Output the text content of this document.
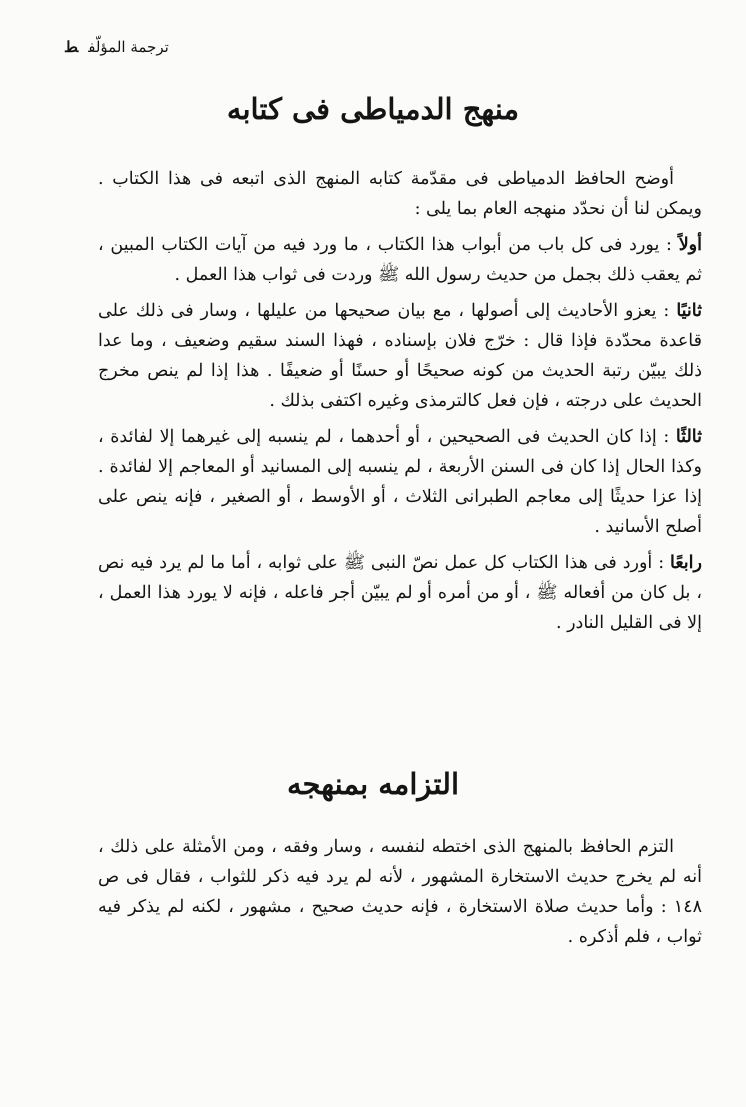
ترجمة المؤلّفط
منهج الدمياطى فى كتابه

أوضح الحافظ الدمياطى فى مقدّمة كتابه المنهج الذى اتبعه فى هذا الكتاب . ويمكن لنا أن نحدّد منهجه العام بما يلى :

أولاً : يورد فى كل باب من أبواب هذا الكتاب ، ما ورد فيه من آيات الكتاب المبين ، ثم يعقب ذلك بجمل من حديث رسول الله ﷺ وردت فى ثواب هذا العمل .

ثانيًا : يعزو الأحاديث إلى أصولها ، مع بيان صحيحها من عليلها ، وسار فى ذلك على قاعدة محدّدة فإذا قال : خرّج فلان بإسناده ، فهذا السند سقيم وضعيف ، وما عدا ذلك يبيّن رتبة الحديث من كونه صحيحًا أو حسنًا أو ضعيفًا . هذا إذا لم ينص مخرج الحديث على درجته ، فإن فعل كالترمذى وغيره اكتفى بذلك .

ثالثًا : إذا كان الحديث فى الصحيحين ، أو أحدهما ، لم ينسبه إلى غيرهما إلا لفائدة ، وكذا الحال إذا كان فى السنن الأربعة ، لم ينسبه إلى المسانيد أو المعاجم إلا لفائدة . إذا عزا حديثًا إلى معاجم الطبرانى الثلاث ، أو الأوسط ، أو الصغير ، فإنه ينص على أصلح الأسانيد .

رابعًا : أورد فى هذا الكتاب كل عمل نصّ النبى ﷺ على ثوابه ، أما ما لم يرد فيه نص ، بل كان من أفعاله ﷺ ، أو من أمره أو لم يبيّن أجر فاعله ، فإنه لا يورد هذا العمل ، إلا فى القليل النادر .

التزامه بمنهجه

التزم الحافظ بالمنهج الذى اختطه لنفسه ، وسار وفقه ، ومن الأمثلة على ذلك ، أنه لم يخرج حديث الاستخارة المشهور ، لأنه لم يرد فيه ذكر للثواب ، فقال فى ص ١٤٨ : وأما حديث صلاة الاستخارة ، فإنه حديث صحيح ، مشهور ، لكنه لم يذكر فيه ثواب ، فلم أذكره .
